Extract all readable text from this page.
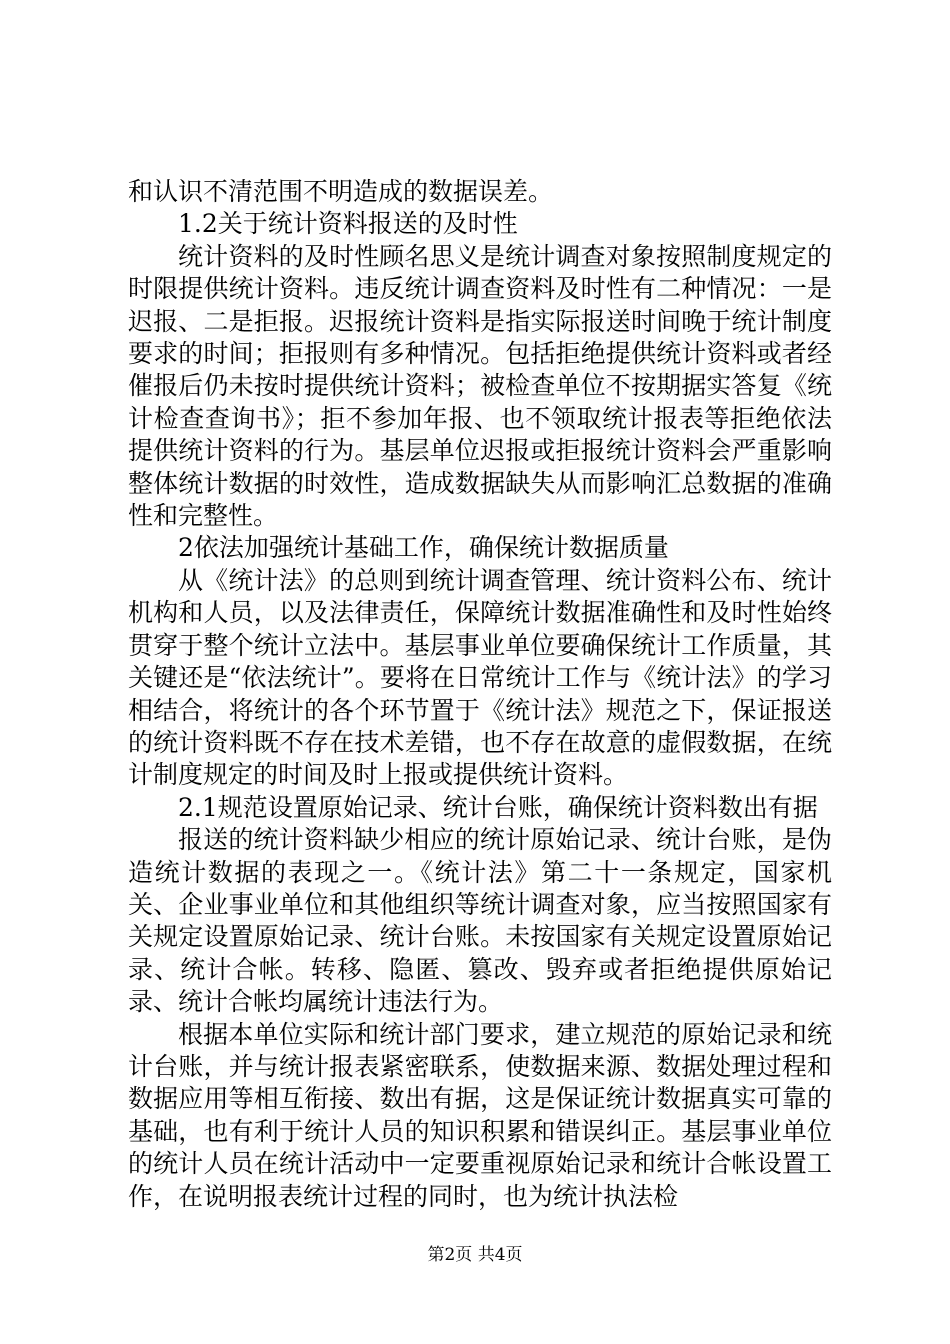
和认识不清范围不明造成的数据误差。

1.2关于统计资料报送的及时性

统计资料的及时性顾名思义是统计调查对象按照制度规定的时限提供统计资料。违反统计调查资料及时性有二种情况：一是迟报、二是拒报。迟报统计资料是指实际报送时间晚于统计制度要求的时间；拒报则有多种情况。包括拒绝提供统计资料或者经催报后仍未按时提供统计资料；被检查单位不按期据实答复《统计检查查询书》；拒不参加年报、也不领取统计报表等拒绝依法提供统计资料的行为。基层单位迟报或拒报统计资料会严重影响整体统计数据的时效性，造成数据缺失从而影响汇总数据的准确性和完整性。

2依法加强统计基础工作，确保统计数据质量

从《统计法》的总则到统计调查管理、统计资料公布、统计机构和人员，以及法律责任，保障统计数据准确性和及时性始终贯穿于整个统计立法中。基层事业单位要确保统计工作质量，其关键还是“依法统计”。要将在日常统计工作与《统计法》的学习相结合，将统计的各个环节置于《统计法》规范之下，保证报送的统计资料既不存在技术差错，也不存在故意的虚假数据，在统计制度规定的时间及时上报或提供统计资料。

2.1规范设置原始记录、统计台账，确保统计资料数出有据

报送的统计资料缺少相应的统计原始记录、统计台账，是伪造统计数据的表现之一。《统计法》第二十一条规定，国家机关、企业事业单位和其他组织等统计调查对象，应当按照国家有关规定设置原始记录、统计台账。未按国家有关规定设置原始记录、统计合帐。转移、隐匿、篡改、毁弃或者拒绝提供原始记录、统计合帐均属统计违法行为。

根据本单位实际和统计部门要求，建立规范的原始记录和统计台账，并与统计报表紧密联系，使数据来源、数据处理过程和数据应用等相互衔接、数出有据，这是保证统计数据真实可靠的基础，也有利于统计人员的知识积累和错误纠正。基层事业单位的统计人员在统计活动中一定要重视原始记录和统计合帐设置工作，在说明报表统计过程的同时，也为统计执法检

第2页 共4页
